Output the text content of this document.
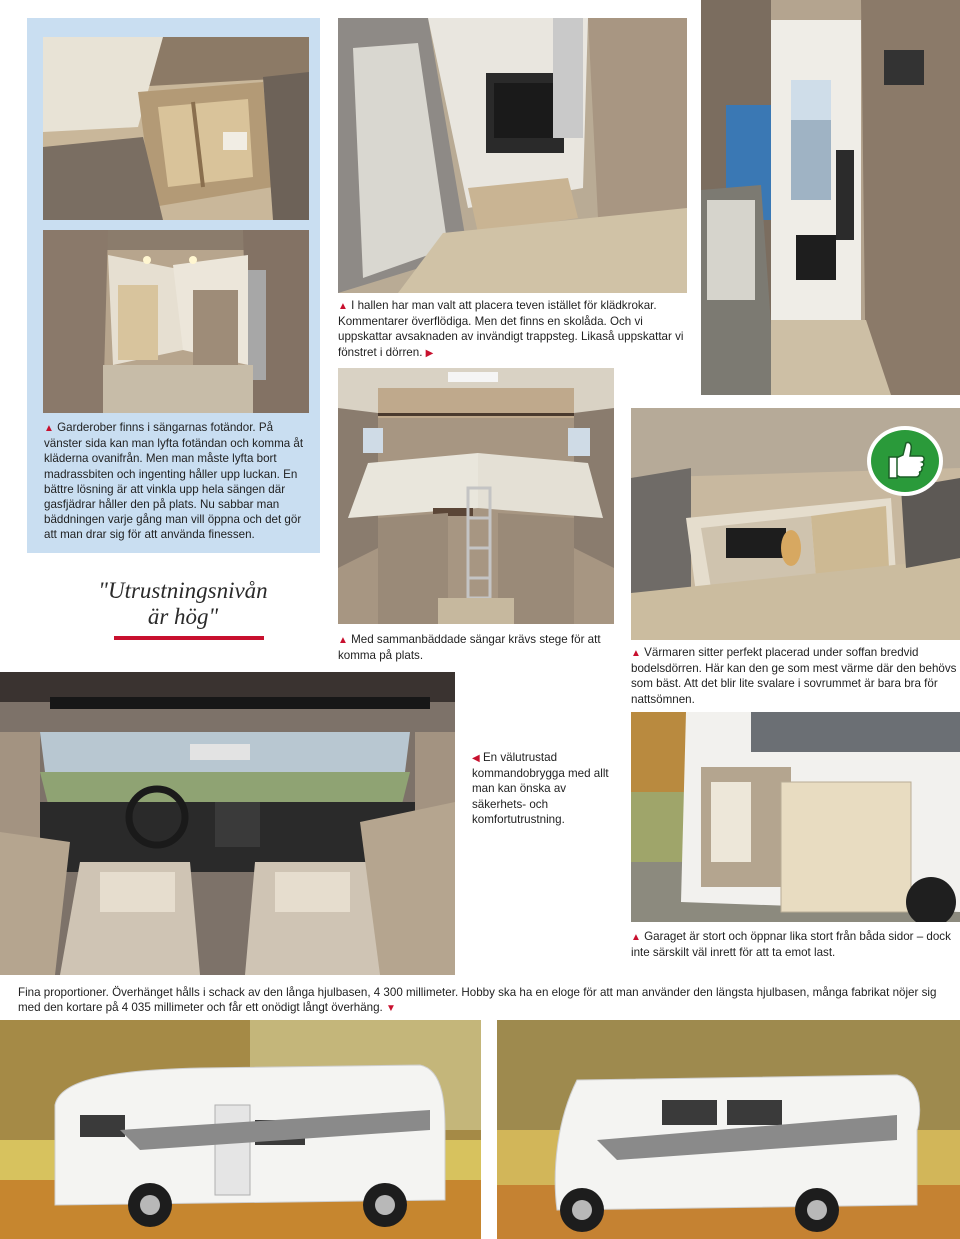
▲ I hallen har man valt att placera teven istället för klädkrokar. Kommentarer överflödiga. Men det finns en skolåda. Och vi uppskattar avsaknaden av invändigt trappsteg. Likaså uppskattar vi fönstret i dörren. ▶
▲ Garderober finns i sängarnas fotändor. På vänster sida kan man lyfta fotändan och komma åt kläderna ovanifrån. Men man måste lyfta bort madrassbiten och ingenting håller upp luckan. En bättre lösning är att vinkla upp hela sängen där gasfjädrar håller den på plats. Nu sabbar man bäddningen varje gång man vill öppna och det gör att man drar sig för att använda finessen.
"Utrustningsnivån
är hög"
▲ Med sammanbäddade sängar krävs stege för att komma på plats.	▲ Värmaren sitter perfekt placerad under soffan bredvid bodelsdörren. Här kan den ge som mest värme där den behövs som bäst. Att det blir lite svalare i sovrummet är bara bra för nattsömnen.
◀ En välutrustad kommandobrygga med allt man kan önska av säkerhets- och komfortutrustning.
▲ Garaget är stort och öppnar lika stort från båda sidor – dock inte särskilt väl inrett för att ta emot last.
Fina proportioner. Överhänget hålls i schack av den långa hjulbasen, 4 300 millimeter. Hobby ska ha en eloge för att man använder den längsta hjulbasen, många fabrikat nöjer sig med den kortare på 4 035 millimeter och får ett onödigt långt överhäng. ▼
